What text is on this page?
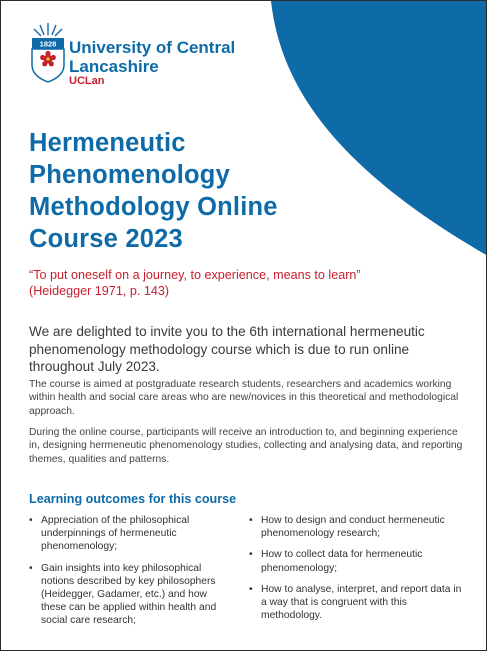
1828 University of Central Lancashire
UCLan
Hermeneutic Phenomenology Methodology Online Course 2023
“To put oneself on a journey, to experience, means to learn”
(Heidegger 1971, p. 143)
We are delighted to invite you to the 6th international hermeneutic phenomenology methodology course which is due to run online throughout July 2023.
The course is aimed at postgraduate research students, researchers and academics working within health and social care areas who are new/novices in this theoretical and methodological approach.
During the online course, participants will receive an introduction to, and beginning experience in, designing hermeneutic phenomenology studies, collecting and analysing data, and reporting themes, qualities and patterns.
Learning outcomes for this course
• Appreciation of the philosophical underpinnings of hermeneutic phenomenology;
• Gain insights into key philosophical notions described by key philosophers (Heidegger, Gadamer, etc.) and how these can be applied within health and social care research;
• How to design and conduct hermeneutic phenomenology research;
• How to collect data for hermeneutic phenomenology;
• How to analyse, interpret, and report data in a way that is congruent with this methodology.
